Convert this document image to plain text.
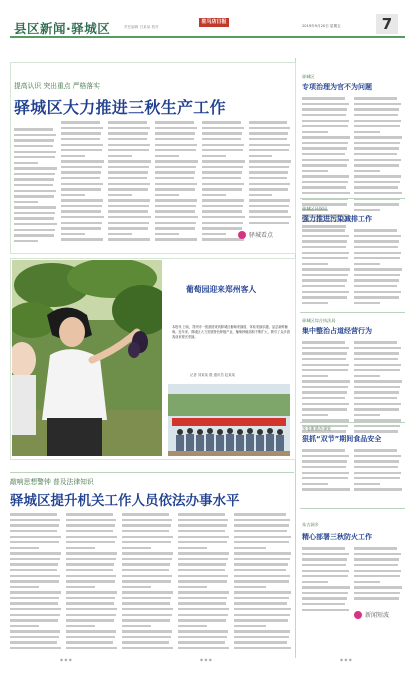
县区新闻·驿城区	责任编辑 吕某某 校对
驻马店日报
2019年9月20日 星期五	7
提高认识 突出重点 严格落实
驿城区大力推进三秋生产工作
驿城看点
葡萄园迎来郑州客人
本报讯 日前，郑州市一旅游团来到驿城区葡萄采摘园，体验采摘乐趣，品尝新鲜葡萄。近年来，驿城区大力发展特色种植产业，葡萄种植面积不断扩大，吸引了众多游客前来观光采摘。
记者 刘某某 摄 通讯员 赵某某
敲响思想警钟 普及法律知识
驿城区提升机关工作人员依法办事水平
驿城区
专项治理为官不为问题
驿城区环保局
强力推进污染减排工作
驿城区综合执法局
集中整治占道经营行为
水屯街道办事处
狠抓“双节”期间食品安全
朱古洞乡
精心部署三秋防火工作
新闻短波
◆ ◆ ◆	◆ ◆ ◆	◆ ◆ ◆
